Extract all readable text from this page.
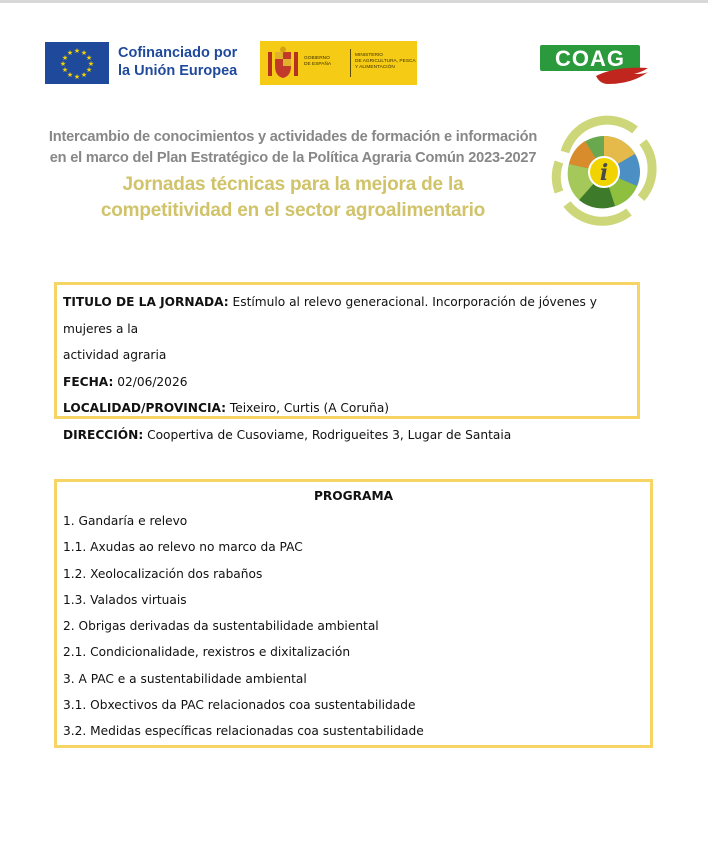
★ ★
★
★
★
★
★
★
★
★
★
★	Cofinanciado por
la Unión Europea
GOBIERNO
DE ESPAÑA
MINISTERIO
DE AGRICULTURA, PESCA
Y ALIMENTACIÓN	COAG
Intercambio de conocimientos y actividades de formación e información
en el marco del Plan Estratégico de la Política Agraria Común 2023-2027
Jornadas técnicas para la mejora de la
competitividad en el sector agroalimentario
i
TITULO DE LA JORNADA: Estímulo al relevo generacional. Incorporación de jóvenes y mujeres a la
actividad agraria
FECHA: 02/06/2026
LOCALIDAD/PROVINCIA: Teixeiro, Curtis (A Coruña)
DIRECCIÓN: Coopertiva de Cusoviame, Rodrigueites 3, Lugar de Santaia
PROGRAMA
1. Gandaría e relevo
1.1. Axudas ao relevo no marco da PAC
1.2. Xeolocalización dos rabaños
1.3. Valados virtuais
2. Obrigas derivadas da sustentabilidade ambiental
2.1. Condicionalidade, rexistros e dixitalización
3. A PAC e a sustentabilidade ambiental
3.1. Obxectivos da PAC relacionados coa sustentabilidade
3.2. Medidas específicas relacionadas coa sustentabilidade
